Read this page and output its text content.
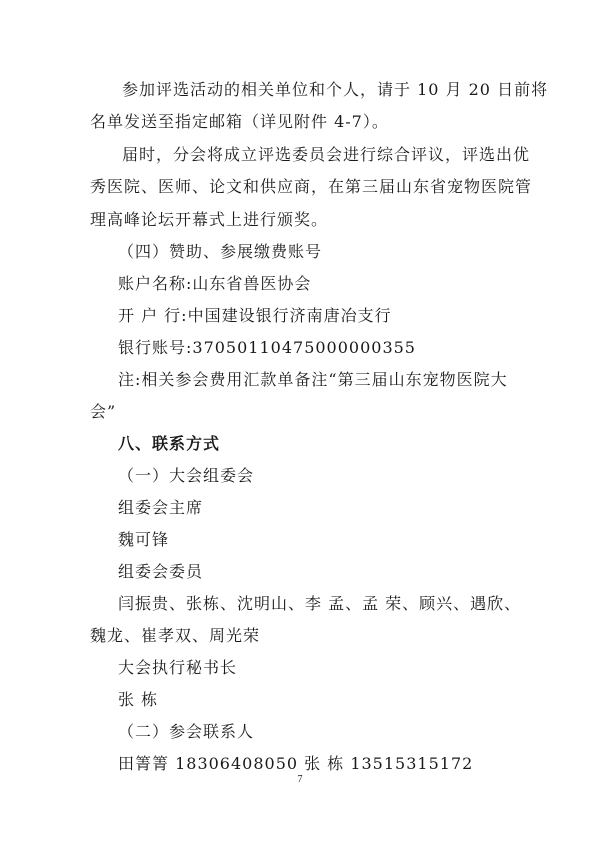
参加评选活动的相关单位和个人，请于 10 月 20 日前将
名单发送至指定邮箱（详见附件 4-7）。
届时，分会将成立评选委员会进行综合评议，评选出优
秀医院、医师、论文和供应商，在第三届山东省宠物医院管
理高峰论坛开幕式上进行颁奖。
（四）赞助、参展缴费账号
账户名称:山东省兽医协会
开 户 行:中国建设银行济南唐冶支行
银行账号:37050110475000000355
注:相关参会费用汇款单备注“第三届山东宠物医院大
会”
八、联系方式
（一）大会组委会
组委会主席
魏可锋
组委会委员
闫振贵、张栋、沈明山、李 孟、孟 荣、顾兴、遇欣、
魏龙、崔孝双、周光荣
大会执行秘书长
张 栋
（二）参会联系人
田箐箐 18306408050 张 栋 13515315172
7
